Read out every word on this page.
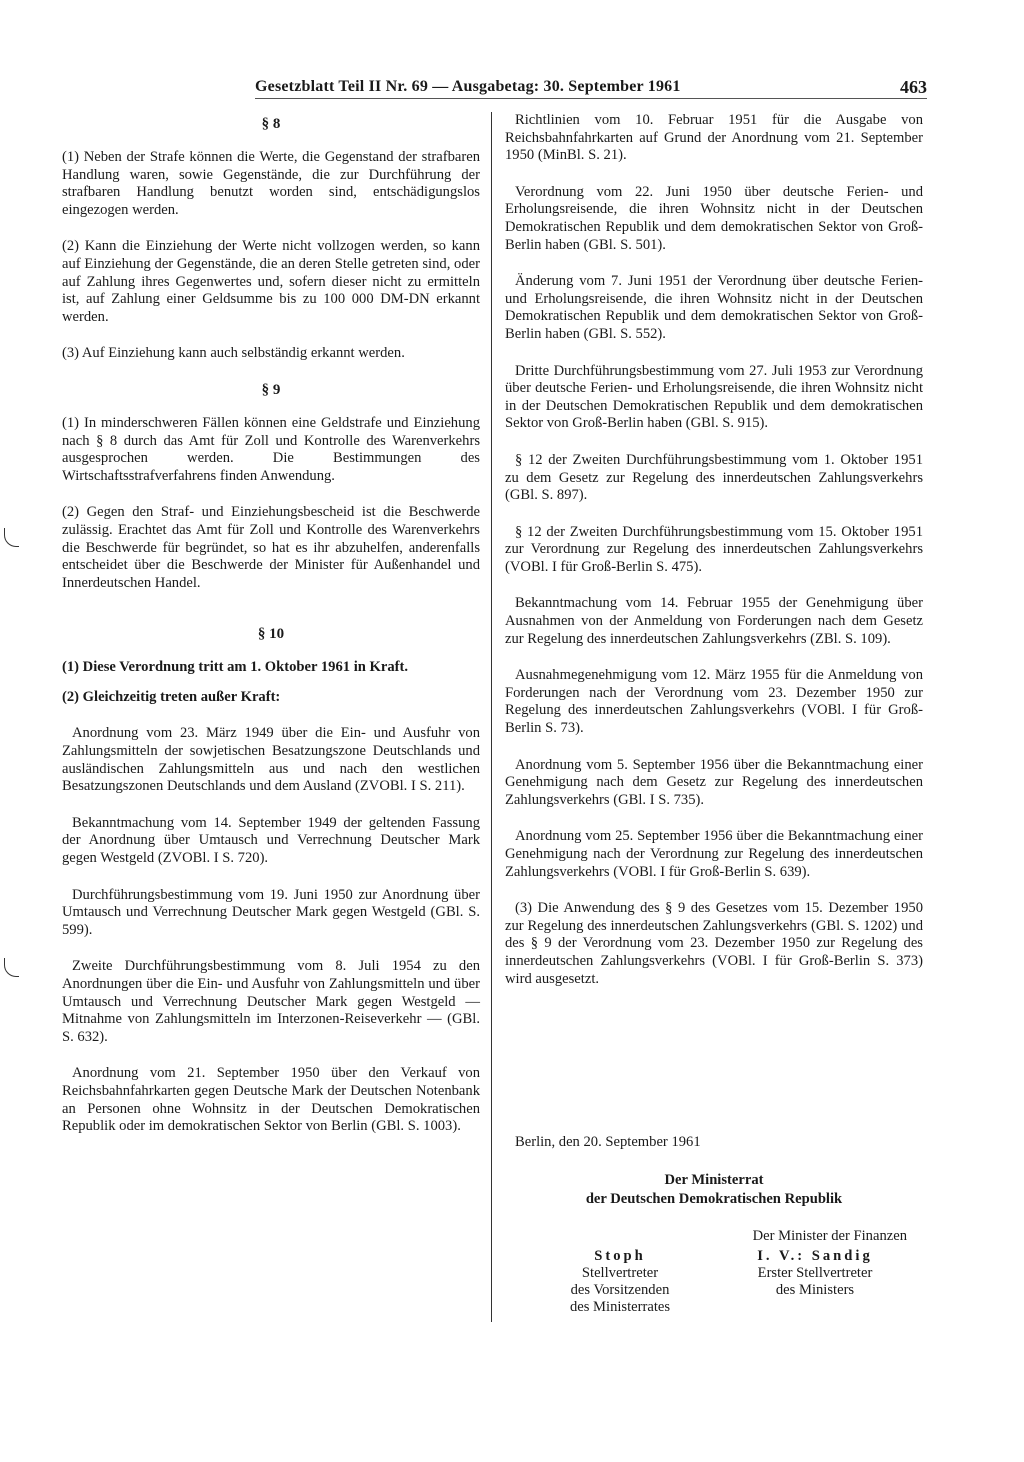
Gesetzblatt Teil II Nr. 69 — Ausgabetag: 30. September 1961	463
§ 8

(1) Neben der Strafe können die Werte, die Gegenstand der strafbaren Handlung waren, sowie Gegenstände, die zur Durchführung der strafbaren Handlung benutzt worden sind, entschädigungslos eingezogen werden.

(2) Kann die Einziehung der Werte nicht vollzogen werden, so kann auf Einziehung der Gegenstände, die an deren Stelle getreten sind, oder auf Zahlung ihres Gegenwertes und, sofern dieser nicht zu ermitteln ist, auf Zahlung einer Geldsumme bis zu 100 000 DM-DN erkannt werden.

(3) Auf Einziehung kann auch selbständig erkannt werden.

§ 9

(1) In minderschweren Fällen können eine Geldstrafe und Einziehung nach § 8 durch das Amt für Zoll und Kontrolle des Warenverkehrs ausgesprochen werden. Die Bestimmungen des Wirtschaftsstrafverfahrens finden Anwendung.

(2) Gegen den Straf- und Einziehungsbescheid ist die Beschwerde zulässig. Erachtet das Amt für Zoll und Kontrolle des Warenverkehrs die Beschwerde für begründet, so hat es ihr abzuhelfen, anderenfalls entscheidet über die Beschwerde der Minister für Außenhandel und Innerdeutschen Handel.

§ 10

(1) Diese Verordnung tritt am 1. Oktober 1961 in Kraft.

(2) Gleichzeitig treten außer Kraft:

Anordnung vom 23. März 1949 über die Ein- und Ausfuhr von Zahlungsmitteln der sowjetischen Besatzungszone Deutschlands und ausländischen Zahlungsmitteln aus und nach den westlichen Besatzungszonen Deutschlands und dem Ausland (ZVOBl. I S. 211).

Bekanntmachung vom 14. September 1949 der geltenden Fassung der Anordnung über Umtausch und Verrechnung Deutscher Mark gegen Westgeld (ZVOBl. I S. 720).

Durchführungsbestimmung vom 19. Juni 1950 zur Anordnung über Umtausch und Verrechnung Deutscher Mark gegen Westgeld (GBl. S. 599).

Zweite Durchführungsbestimmung vom 8. Juli 1954 zu den Anordnungen über die Ein- und Ausfuhr von Zahlungsmitteln und über Umtausch und Verrechnung Deutscher Mark gegen Westgeld — Mitnahme von Zahlungsmitteln im Interzonen-Reiseverkehr — (GBl. S. 632).

Anordnung vom 21. September 1950 über den Verkauf von Reichsbahnfahrkarten gegen Deutsche Mark der Deutschen Notenbank an Personen ohne Wohnsitz in der Deutschen Demokratischen Republik oder im demokratischen Sektor von Berlin (GBl. S. 1003).

Richtlinien vom 10. Februar 1951 für die Ausgabe von Reichsbahnfahrkarten auf Grund der Anordnung vom 21. September 1950 (MinBl. S. 21).

Verordnung vom 22. Juni 1950 über deutsche Ferien- und Erholungsreisende, die ihren Wohnsitz nicht in der Deutschen Demokratischen Republik und dem demokratischen Sektor von Groß-Berlin haben (GBl. S. 501).

Änderung vom 7. Juni 1951 der Verordnung über deutsche Ferien- und Erholungsreisende, die ihren Wohnsitz nicht in der Deutschen Demokratischen Republik und dem demokratischen Sektor von Groß-Berlin haben (GBl. S. 552).

Dritte Durchführungsbestimmung vom 27. Juli 1953 zur Verordnung über deutsche Ferien- und Erholungsreisende, die ihren Wohnsitz nicht in der Deutschen Demokratischen Republik und dem demokratischen Sektor von Groß-Berlin haben (GBl. S. 915).

§ 12 der Zweiten Durchführungsbestimmung vom 1. Oktober 1951 zu dem Gesetz zur Regelung des innerdeutschen Zahlungsverkehrs (GBl. S. 897).

§ 12 der Zweiten Durchführungsbestimmung vom 15. Oktober 1951 zur Verordnung zur Regelung des innerdeutschen Zahlungsverkehrs (VOBl. I für Groß-Berlin S. 475).

Bekanntmachung vom 14. Februar 1955 der Genehmigung über Ausnahmen von der Anmeldung von Forderungen nach dem Gesetz zur Regelung des innerdeutschen Zahlungsverkehrs (ZBl. S. 109).

Ausnahmegenehmigung vom 12. März 1955 für die Anmeldung von Forderungen nach der Verordnung vom 23. Dezember 1950 zur Regelung des innerdeutschen Zahlungsverkehrs (VOBl. I für Groß-Berlin S. 73).

Anordnung vom 5. September 1956 über die Bekanntmachung einer Genehmigung nach dem Gesetz zur Regelung des innerdeutschen Zahlungsverkehrs (GBl. I S. 735).

Anordnung vom 25. September 1956 über die Bekanntmachung einer Genehmigung nach der Verordnung zur Regelung des innerdeutschen Zahlungsverkehrs (VOBl. I für Groß-Berlin S. 639).

(3) Die Anwendung des § 9 des Gesetzes vom 15. Dezember 1950 zur Regelung des innerdeutschen Zahlungsverkehrs (GBl. S. 1202) und des § 9 der Verordnung vom 23. Dezember 1950 zur Regelung des innerdeutschen Zahlungsverkehrs (VOBl. I für Groß-Berlin S. 373) wird ausgesetzt.

Berlin, den 20. September 1961
Der Ministerrat
der Deutschen Demokratischen Republik
Der Minister der Finanzen
Stoph
Stellvertreter
des Vorsitzenden
des Ministerrates
I. V.: Sandig
Erster Stellvertreter
des Ministers
